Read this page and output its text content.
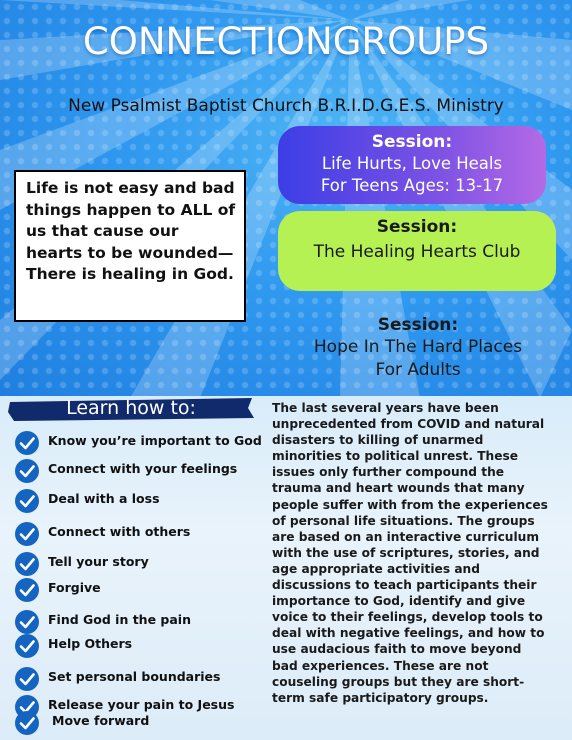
CONNECTIONGROUPS
New Psalmist Baptist Church B.R.I.D.G.E.S. Ministry
Life is not easy and bad things happen to ALL of us that cause our hearts to be wounded—There is healing in God.
Session:
Life Hurts, Love Heals
For Teens Ages: 13-17
Session:
The Healing Hearts Club
Session:
Hope In The Hard Places
For Adults
Learn how to:
Know you’re important to God
Connect with your feelings
Deal with a loss
Connect with others
Tell your story
Forgive
Find God in the pain
Help Others
Set personal boundaries
Release your pain to Jesus
Move forward
The last several years have been
unprecedented from COVID and natural
disasters to killing of unarmed
minorities to political unrest. These
issues only further compound the
trauma and heart wounds that many
people suffer with from the experiences
of personal life situations. The groups
are based on an interactive curriculum
with the use of scriptures, stories, and
age appropriate activities and
discussions to teach participants their
importance to God, identify and give
voice to their feelings, develop tools to
deal with negative feelings, and how to
use audacious faith to move beyond
bad experiences. These are not
couseling groups but they are short-
term safe participatory groups.
